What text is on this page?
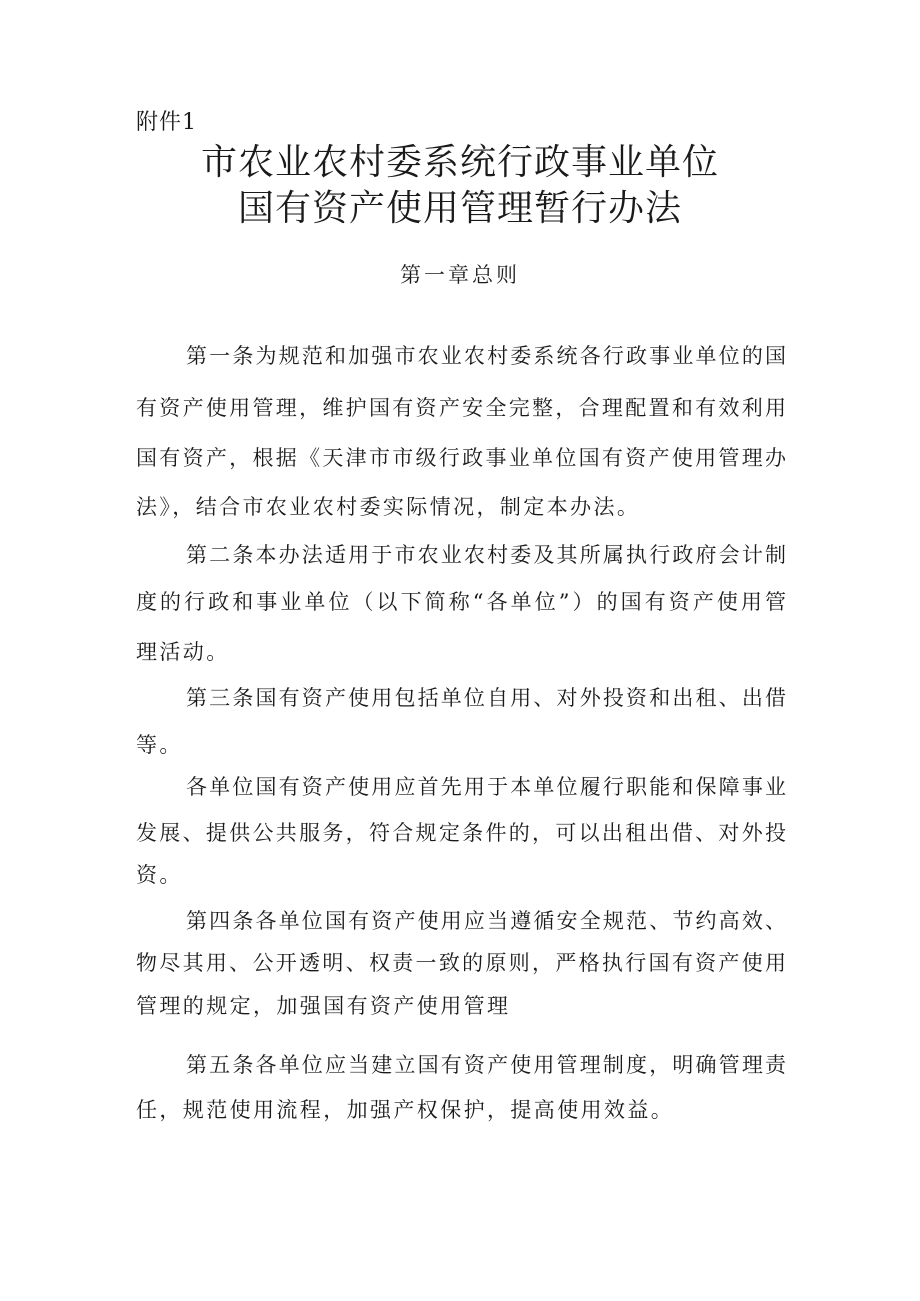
附件1
市农业农村委系统行政事业单位
国有资产使用管理暂行办法
第一章总则
第一条为规范和加强市农业农村委系统各行政事业单位的国
有资产使用管理，维护国有资产安全完整，合理配置和有效利用
国有资产，根据《天津市市级行政事业单位国有资产使用管理办
法》，结合市农业农村委实际情况，制定本办法。
第二条本办法适用于市农业农村委及其所属执行政府会计制
度的行政和事业单位（以下简称“各单位”）的国有资产使用管
理活动。
第三条国有资产使用包括单位自用、对外投资和出租、出借
等。
各单位国有资产使用应首先用于本单位履行职能和保障事业
发展、提供公共服务，符合规定条件的，可以出租出借、对外投
资。
第四条各单位国有资产使用应当遵循安全规范、节约高效、
物尽其用、公开透明、权责一致的原则，严格执行国有资产使用
管理的规定，加强国有资产使用管理
第五条各单位应当建立国有资产使用管理制度，明确管理责
任，规范使用流程，加强产权保护，提高使用效益。
